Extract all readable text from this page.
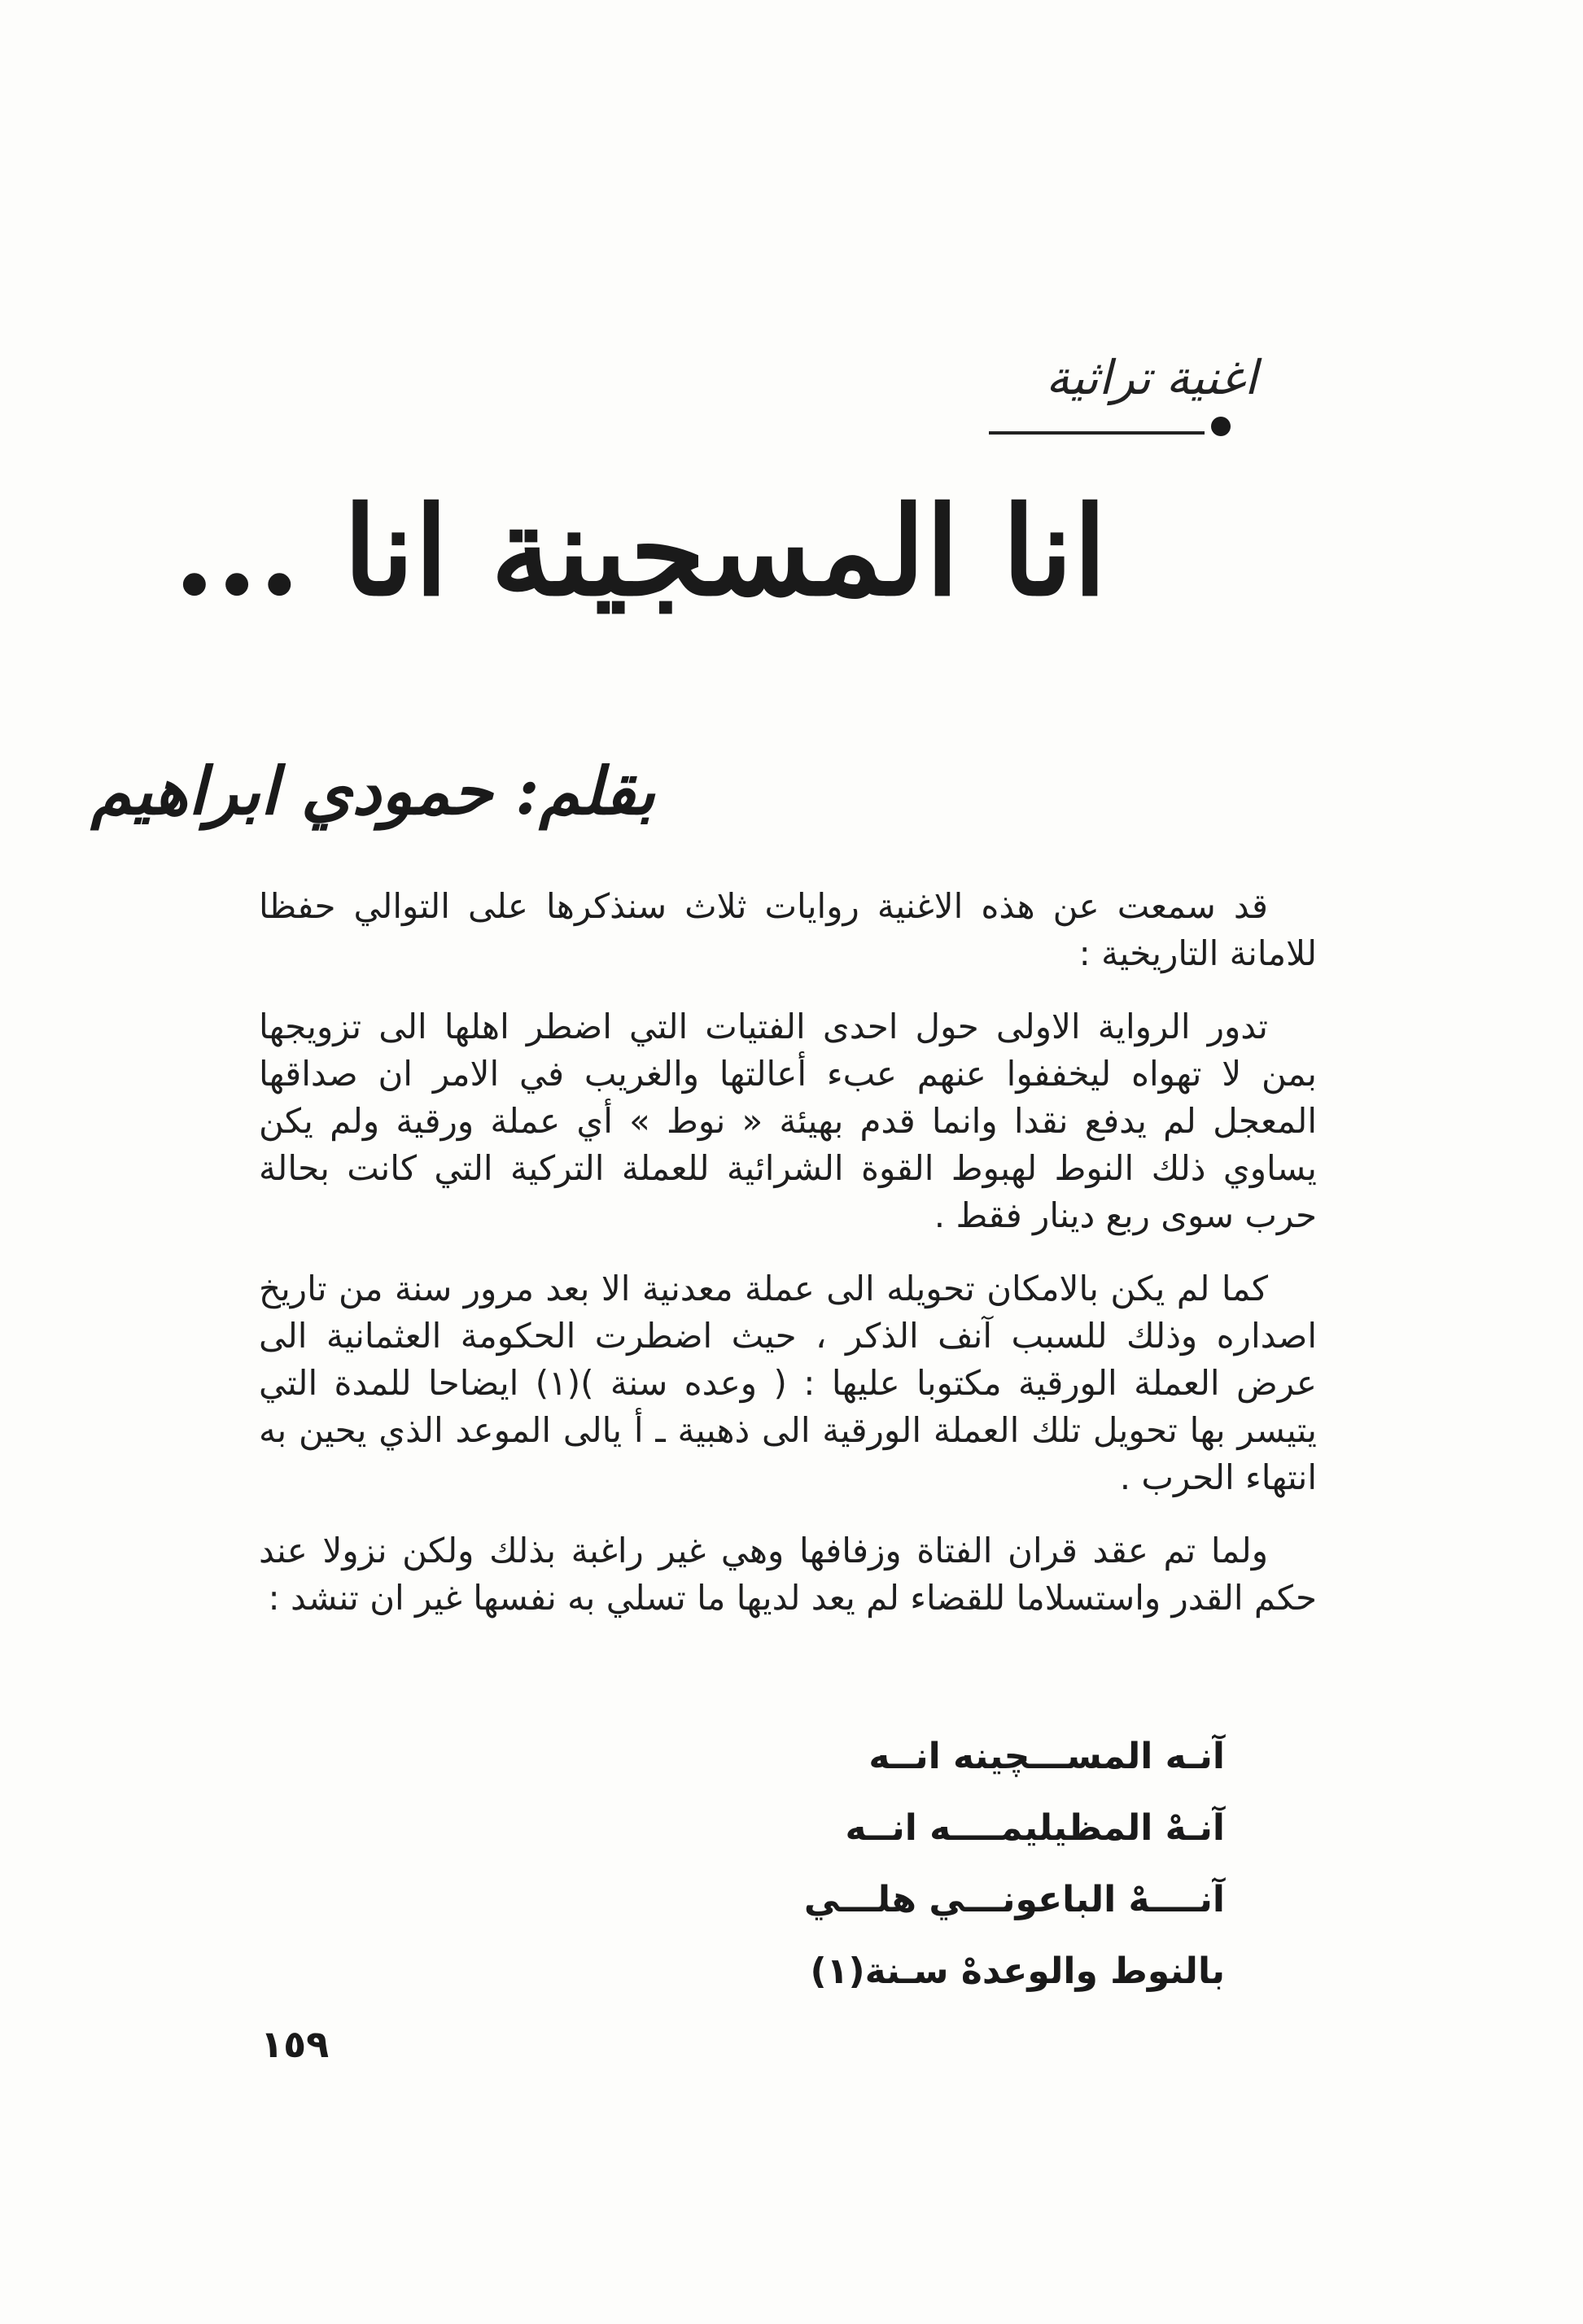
اغنية تراثية
انا المسجينة انا ...
بقلم: حمودي ابراهيم

قد سمعت عن هذه الاغنية روايات ثلاث سنذكرها على التوالي حفظا للامانة التاريخية :

تدور الرواية الاولى حول احدى الفتيات التي اضطر اهلها الى تزويجها بمن لا تهواه ليخففوا عنهم عبء أعالتها والغريب في الامر ان صداقها المعجل لم يدفع نقدا وانما قدم بهيئة « نوط » أي عملة ورقية ولم يكن يساوي ذلك النوط لهبوط القوة الشرائية للعملة التركية التي كانت بحالة حرب سوى ربع دينار فقط .

كما لم يكن بالامكان تحويله الى عملة معدنية الا بعد مرور سنة من تاريخ اصداره وذلك للسبب آنف الذكر ، حيث اضطرت الحكومة العثمانية الى عرض العملة الورقية مكتوبا عليها : ( وعده سنة )(١) ايضاحا للمدة التي يتيسر بها تحويل تلك العملة الورقية الى ذهبية ـ أ يالى الموعد الذي يحين به انتهاء الحرب .

ولما تم عقد قران الفتاة وزفافها وهي غير راغبة بذلك ولكن نزولا عند حكم القدر واستسلاما للقضاء لم يعد لديها ما تسلي به نفسها غير ان تنشد :

آنـه المســـچينه انــه
آنـهْ المظيليمــــه انــه
آنــــهْ الباعونـــي هلـــي
بالنوط والوعدهْ سـنة(١)
١٥٩
